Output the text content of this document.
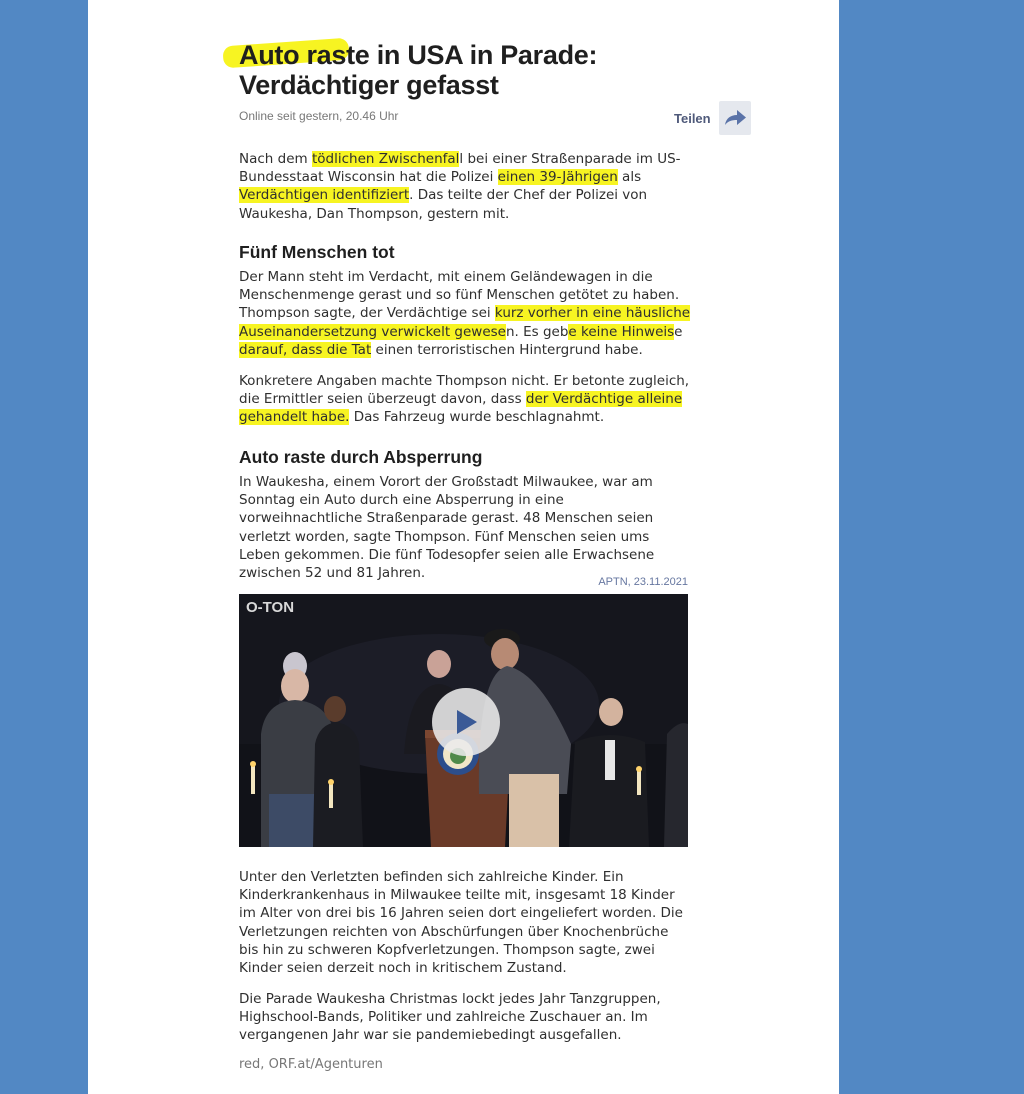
Auto raste in USA in Parade:
Verdächtiger gefasst
Online seit gestern, 20.46 Uhr	Teilen

Nach dem tödlichen Zwischenfall bei einer Straßenparade im US-Bundesstaat Wisconsin hat die Polizei einen 39-Jährigen als Verdächtigen identifiziert. Das teilte der Chef der Polizei von Waukesha, Dan Thompson, gestern mit.

Fünf Menschen tot

Der Mann steht im Verdacht, mit einem Geländewagen in die Menschenmenge gerast und so fünf Menschen getötet zu haben. Thompson sagte, der Verdächtige sei kurz vorher in eine häusliche Auseinandersetzung verwickelt gewesen. Es gebe keine Hinweise darauf, dass die Tat einen terroristischen Hintergrund habe.

Konkretere Angaben machte Thompson nicht. Er betonte zugleich, die Ermittler seien überzeugt davon, dass der Verdächtige alleine gehandelt habe. Das Fahrzeug wurde beschlagnahmt.

Auto raste durch Absperrung

In Waukesha, einem Vorort der Großstadt Milwaukee, war am Sonntag ein Auto durch eine Absperrung in eine vorweihnachtliche Straßenparade gerast. 48 Menschen seien verletzt worden, sagte Thompson. Fünf Menschen seien ums Leben gekommen. Die fünf Todesopfer seien alle Erwachsene zwischen 52 und 81 Jahren.

APTN, 23.11.2021
O-TON

Unter den Verletzten befinden sich zahlreiche Kinder. Ein Kinderkrankenhaus in Milwaukee teilte mit, insgesamt 18 Kinder im Alter von drei bis 16 Jahren seien dort eingeliefert worden. Die Verletzungen reichten von Abschürfungen über Knochenbrüche bis hin zu schweren Kopfverletzungen. Thompson sagte, zwei Kinder seien derzeit noch in kritischem Zustand.

Die Parade Waukesha Christmas lockt jedes Jahr Tanzgruppen, Highschool-Bands, Politiker und zahlreiche Zuschauer an. Im vergangenen Jahr war sie pandemiebedingt ausgefallen.

red, ORF.at/Agenturen
